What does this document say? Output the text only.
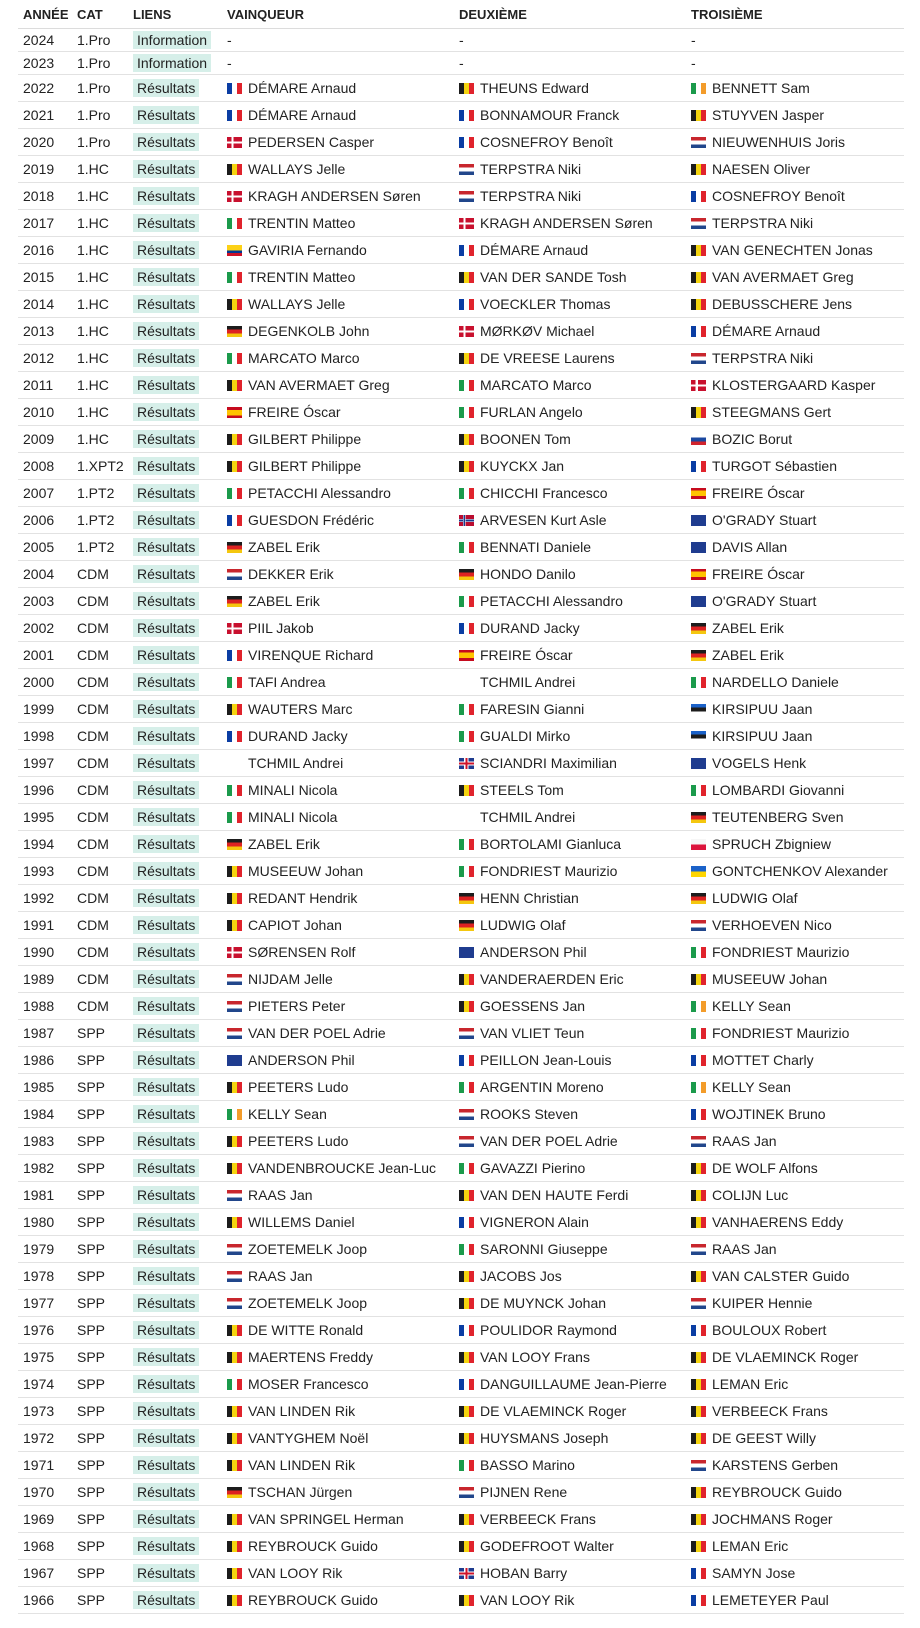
ANNÉE	CAT	LIENS	VAINQUEUR	DEUXIÈME	TROISIÈME
2024	1.Pro	Information	-	-	-
2023	1.Pro	Information	-	-	-
2022	1.Pro	Résultats	DÉMARE Arnaud	THEUNS Edward	BENNETT Sam
2021	1.Pro	Résultats	DÉMARE Arnaud	BONNAMOUR Franck	STUYVEN Jasper
2020	1.Pro	Résultats	PEDERSEN Casper	COSNEFROY Benoît	NIEUWENHUIS Joris
2019	1.HC	Résultats	WALLAYS Jelle	TERPSTRA Niki	NAESEN Oliver
2018	1.HC	Résultats	KRAGH ANDERSEN Søren	TERPSTRA Niki	COSNEFROY Benoît
2017	1.HC	Résultats	TRENTIN Matteo	KRAGH ANDERSEN Søren	TERPSTRA Niki
2016	1.HC	Résultats	GAVIRIA Fernando	DÉMARE Arnaud	VAN GENECHTEN Jonas
2015	1.HC	Résultats	TRENTIN Matteo	VAN DER SANDE Tosh	VAN AVERMAET Greg
2014	1.HC	Résultats	WALLAYS Jelle	VOECKLER Thomas	DEBUSSCHERE Jens
2013	1.HC	Résultats	DEGENKOLB John	MØRKØV Michael	DÉMARE Arnaud
2012	1.HC	Résultats	MARCATO Marco	DE VREESE Laurens	TERPSTRA Niki
2011	1.HC	Résultats	VAN AVERMAET Greg	MARCATO Marco	KLOSTERGAARD Kasper
2010	1.HC	Résultats	FREIRE Óscar	FURLAN Angelo	STEEGMANS Gert
2009	1.HC	Résultats	GILBERT Philippe	BOONEN Tom	BOZIC Borut
2008	1.XPT2	Résultats	GILBERT Philippe	KUYCKX Jan	TURGOT Sébastien
2007	1.PT2	Résultats	PETACCHI Alessandro	CHICCHI Francesco	FREIRE Óscar
2006	1.PT2	Résultats	GUESDON Frédéric	ARVESEN Kurt Asle	O'GRADY Stuart
2005	1.PT2	Résultats	ZABEL Erik	BENNATI Daniele	DAVIS Allan
2004	CDM	Résultats	DEKKER Erik	HONDO Danilo	FREIRE Óscar
2003	CDM	Résultats	ZABEL Erik	PETACCHI Alessandro	O'GRADY Stuart
2002	CDM	Résultats	PIIL Jakob	DURAND Jacky	ZABEL Erik
2001	CDM	Résultats	VIRENQUE Richard	FREIRE Óscar	ZABEL Erik
2000	CDM	Résultats	TAFI Andrea	TCHMIL Andrei	NARDELLO Daniele
1999	CDM	Résultats	WAUTERS Marc	FARESIN Gianni	KIRSIPUU Jaan
1998	CDM	Résultats	DURAND Jacky	GUALDI Mirko	KIRSIPUU Jaan
1997	CDM	Résultats	TCHMIL Andrei	SCIANDRI Maximilian	VOGELS Henk
1996	CDM	Résultats	MINALI Nicola	STEELS Tom	LOMBARDI Giovanni
1995	CDM	Résultats	MINALI Nicola	TCHMIL Andrei	TEUTENBERG Sven
1994	CDM	Résultats	ZABEL Erik	BORTOLAMI Gianluca	SPRUCH Zbigniew
1993	CDM	Résultats	MUSEEUW Johan	FONDRIEST Maurizio	GONTCHENKOV Alexander
1992	CDM	Résultats	REDANT Hendrik	HENN Christian	LUDWIG Olaf
1991	CDM	Résultats	CAPIOT Johan	LUDWIG Olaf	VERHOEVEN Nico
1990	CDM	Résultats	SØRENSEN Rolf	ANDERSON Phil	FONDRIEST Maurizio
1989	CDM	Résultats	NIJDAM Jelle	VANDERAERDEN Eric	MUSEEUW Johan
1988	CDM	Résultats	PIETERS Peter	GOESSENS Jan	KELLY Sean
1987	SPP	Résultats	VAN DER POEL Adrie	VAN VLIET Teun	FONDRIEST Maurizio
1986	SPP	Résultats	ANDERSON Phil	PEILLON Jean-Louis	MOTTET Charly
1985	SPP	Résultats	PEETERS Ludo	ARGENTIN Moreno	KELLY Sean
1984	SPP	Résultats	KELLY Sean	ROOKS Steven	WOJTINEK Bruno
1983	SPP	Résultats	PEETERS Ludo	VAN DER POEL Adrie	RAAS Jan
1982	SPP	Résultats	VANDENBROUCKE Jean-Luc	GAVAZZI Pierino	DE WOLF Alfons
1981	SPP	Résultats	RAAS Jan	VAN DEN HAUTE Ferdi	COLIJN Luc
1980	SPP	Résultats	WILLEMS Daniel	VIGNERON Alain	VANHAERENS Eddy
1979	SPP	Résultats	ZOETEMELK Joop	SARONNI Giuseppe	RAAS Jan
1978	SPP	Résultats	RAAS Jan	JACOBS Jos	VAN CALSTER Guido
1977	SPP	Résultats	ZOETEMELK Joop	DE MUYNCK Johan	KUIPER Hennie
1976	SPP	Résultats	DE WITTE Ronald	POULIDOR Raymond	BOULOUX Robert
1975	SPP	Résultats	MAERTENS Freddy	VAN LOOY Frans	DE VLAEMINCK Roger
1974	SPP	Résultats	MOSER Francesco	DANGUILLAUME Jean-Pierre	LEMAN Eric
1973	SPP	Résultats	VAN LINDEN Rik	DE VLAEMINCK Roger	VERBEECK Frans
1972	SPP	Résultats	VANTYGHEM Noël	HUYSMANS Joseph	DE GEEST Willy
1971	SPP	Résultats	VAN LINDEN Rik	BASSO Marino	KARSTENS Gerben
1970	SPP	Résultats	TSCHAN Jürgen	PIJNEN Rene	REYBROUCK Guido
1969	SPP	Résultats	VAN SPRINGEL Herman	VERBEECK Frans	JOCHMANS Roger
1968	SPP	Résultats	REYBROUCK Guido	GODEFROOT Walter	LEMAN Eric
1967	SPP	Résultats	VAN LOOY Rik	HOBAN Barry	SAMYN Jose
1966	SPP	Résultats	REYBROUCK Guido	VAN LOOY Rik	LEMETEYER Paul
